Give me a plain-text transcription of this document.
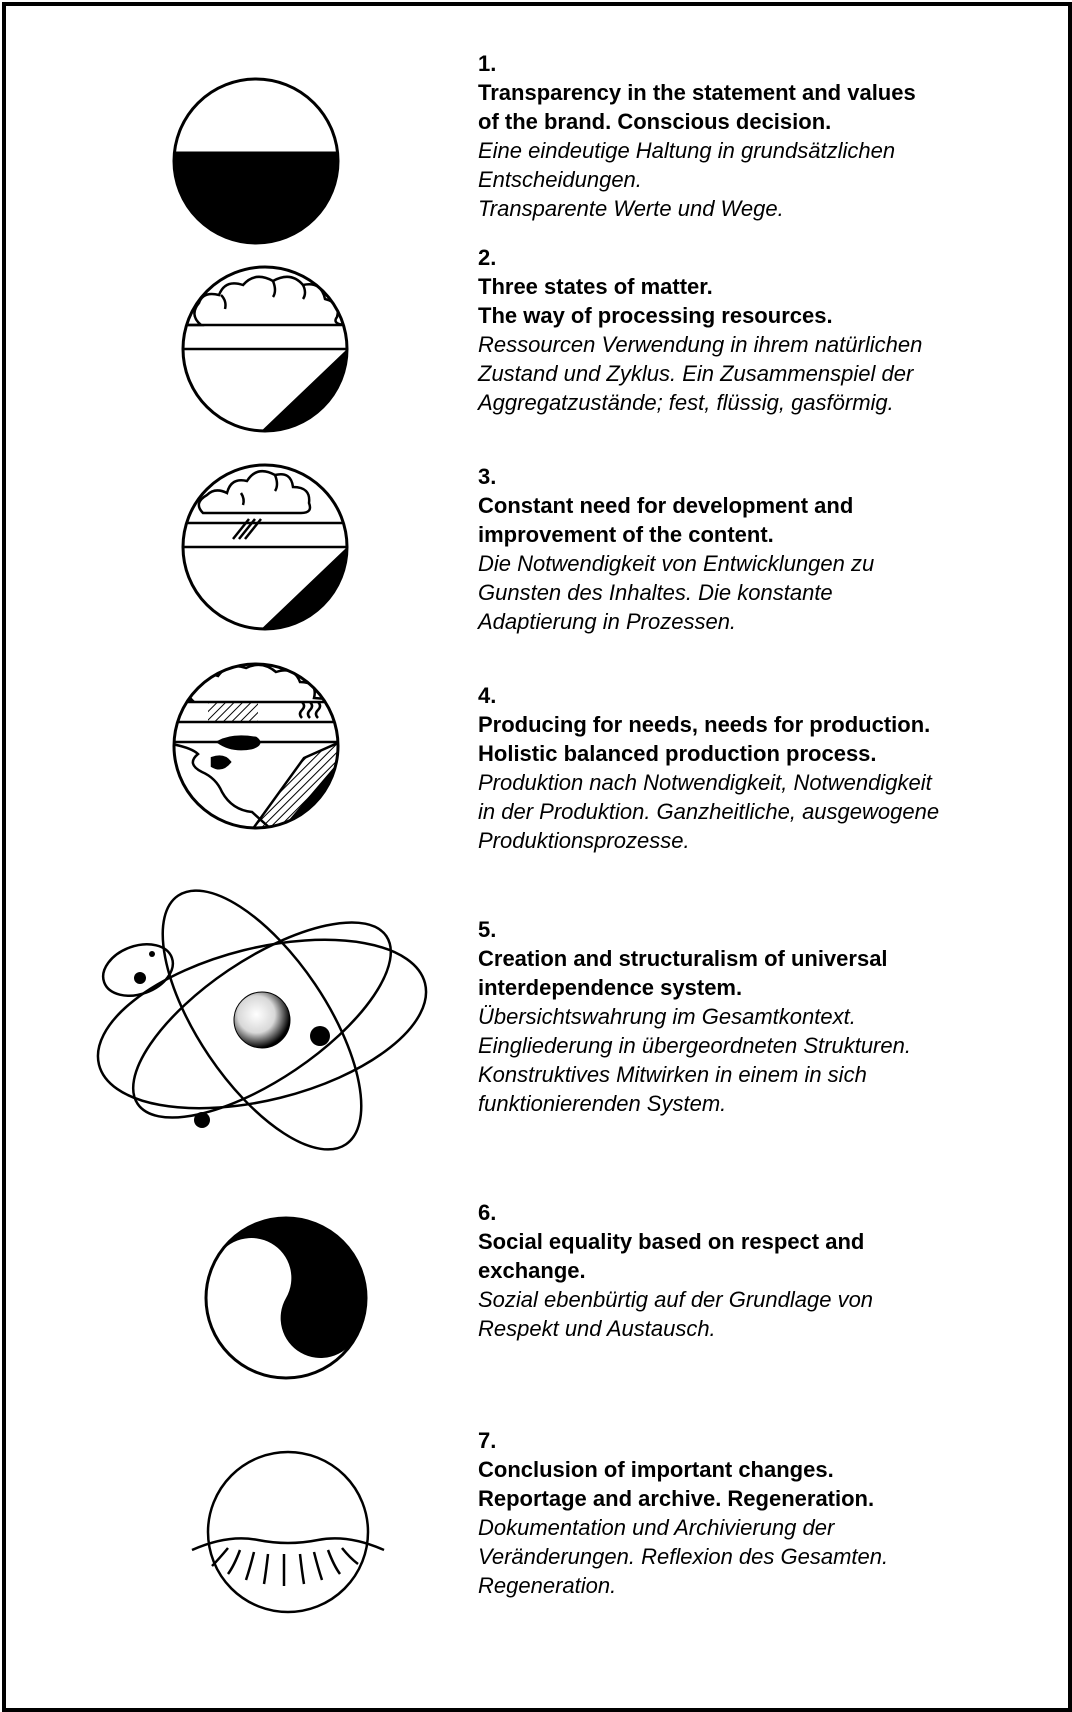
1.
Transparency in the statement and values
of the brand. Conscious decision.
Eine eindeutige Haltung in grundsätzlichen
Entscheidungen.
Transparente Werte und Wege.
2.
Three states of matter.
The way of processing resources.
Ressourcen Verwendung in ihrem natürlichen
Zustand und Zyklus. Ein Zusammenspiel der
Aggregatzustände; fest, flüssig, gasförmig.
3.
Constant need for development and
improvement of the content.
Die Notwendigkeit von Entwicklungen zu
Gunsten des Inhaltes. Die konstante
Adaptierung in Prozessen.
4.
Producing for needs, needs for production.
Holistic balanced production process.
Produktion nach Notwendigkeit, Notwendigkeit
in der Produktion. Ganzheitliche, ausgewogene
Produktionsprozesse.
5.
Creation and structuralism of universal
interdependence system.
Übersichtswahrung im Gesamtkontext.
Eingliederung in übergeordneten Strukturen.
Konstruktives Mitwirken in einem in sich
funktionierenden System.
6.
Social equality based on respect and
exchange.
Sozial ebenbürtig auf der Grundlage von
Respekt und Austausch.
7.
Conclusion of important changes.
Reportage and archive. Regeneration.
Dokumentation und Archivierung der
Veränderungen. Reflexion des Gesamten.
Regeneration.
